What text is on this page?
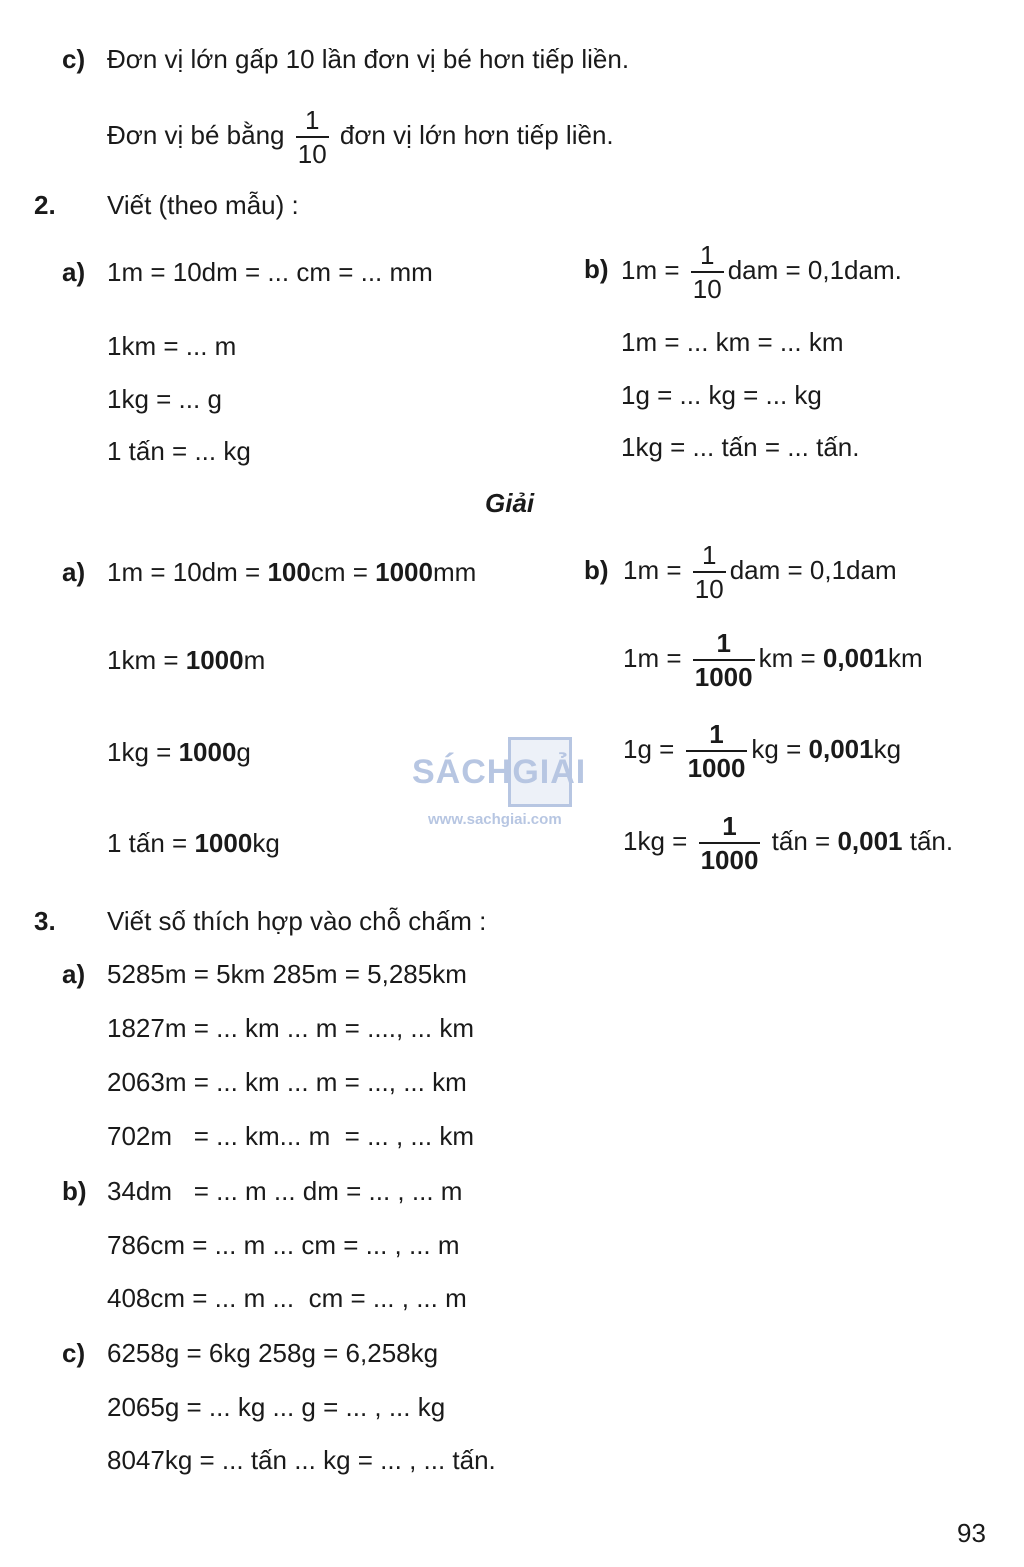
c) Đơn vị lớn gấp 10 lần đơn vị bé hơn tiếp liền.
Đơn vị bé bằng $\frac{1}{10}$ đơn vị lớn hơn tiếp liền.
2. Viết (theo mẫu) :
a) 1m = 10dm = ... cm = ... mm
1km = ... m
1kg = ... g
1 tấn = ... kg
b) $1m = \frac{1}{10}$ dam = 0,1dam.
1m = ... km = ... km
1g = ... kg = ... kg
1kg = ... tấn = ... tấn.
Giải
a) 1m = 10dm = 100cm = 1000mm
1km = 1000m
1kg = 1000g
1 tấn = 1000kg
b) $1m = \frac{1}{10}$ dam = 0,1dam
$1m = \frac{1}{1000}$ km = 0,001km
$1g = \frac{1}{1000}$ kg = 0,001kg
$1kg = \frac{1}{1000}$ tấn = 0,001 tấn.
SÁCHGIẢI
www.sachgiai.com
3. Viết số thích hợp vào chỗ chấm :
a) 5285m = 5km 285m = 5,285km
1827m = ... km ... m = ...., ... km
2063m = ... km ... m = ..., ... km
702m   = ... km... m  = ... , ... km
b) 34dm   = ... m ... dm = ... , ... m
786cm = ... m ... cm = ... , ... m
408cm = ... m ...  cm = ... , ... m
c) 6258g = 6kg 258g = 6,258kg
2065g = ... kg ... g = ... , ... kg
8047kg = ... tấn ... kg = ... , ... tấn.
93
